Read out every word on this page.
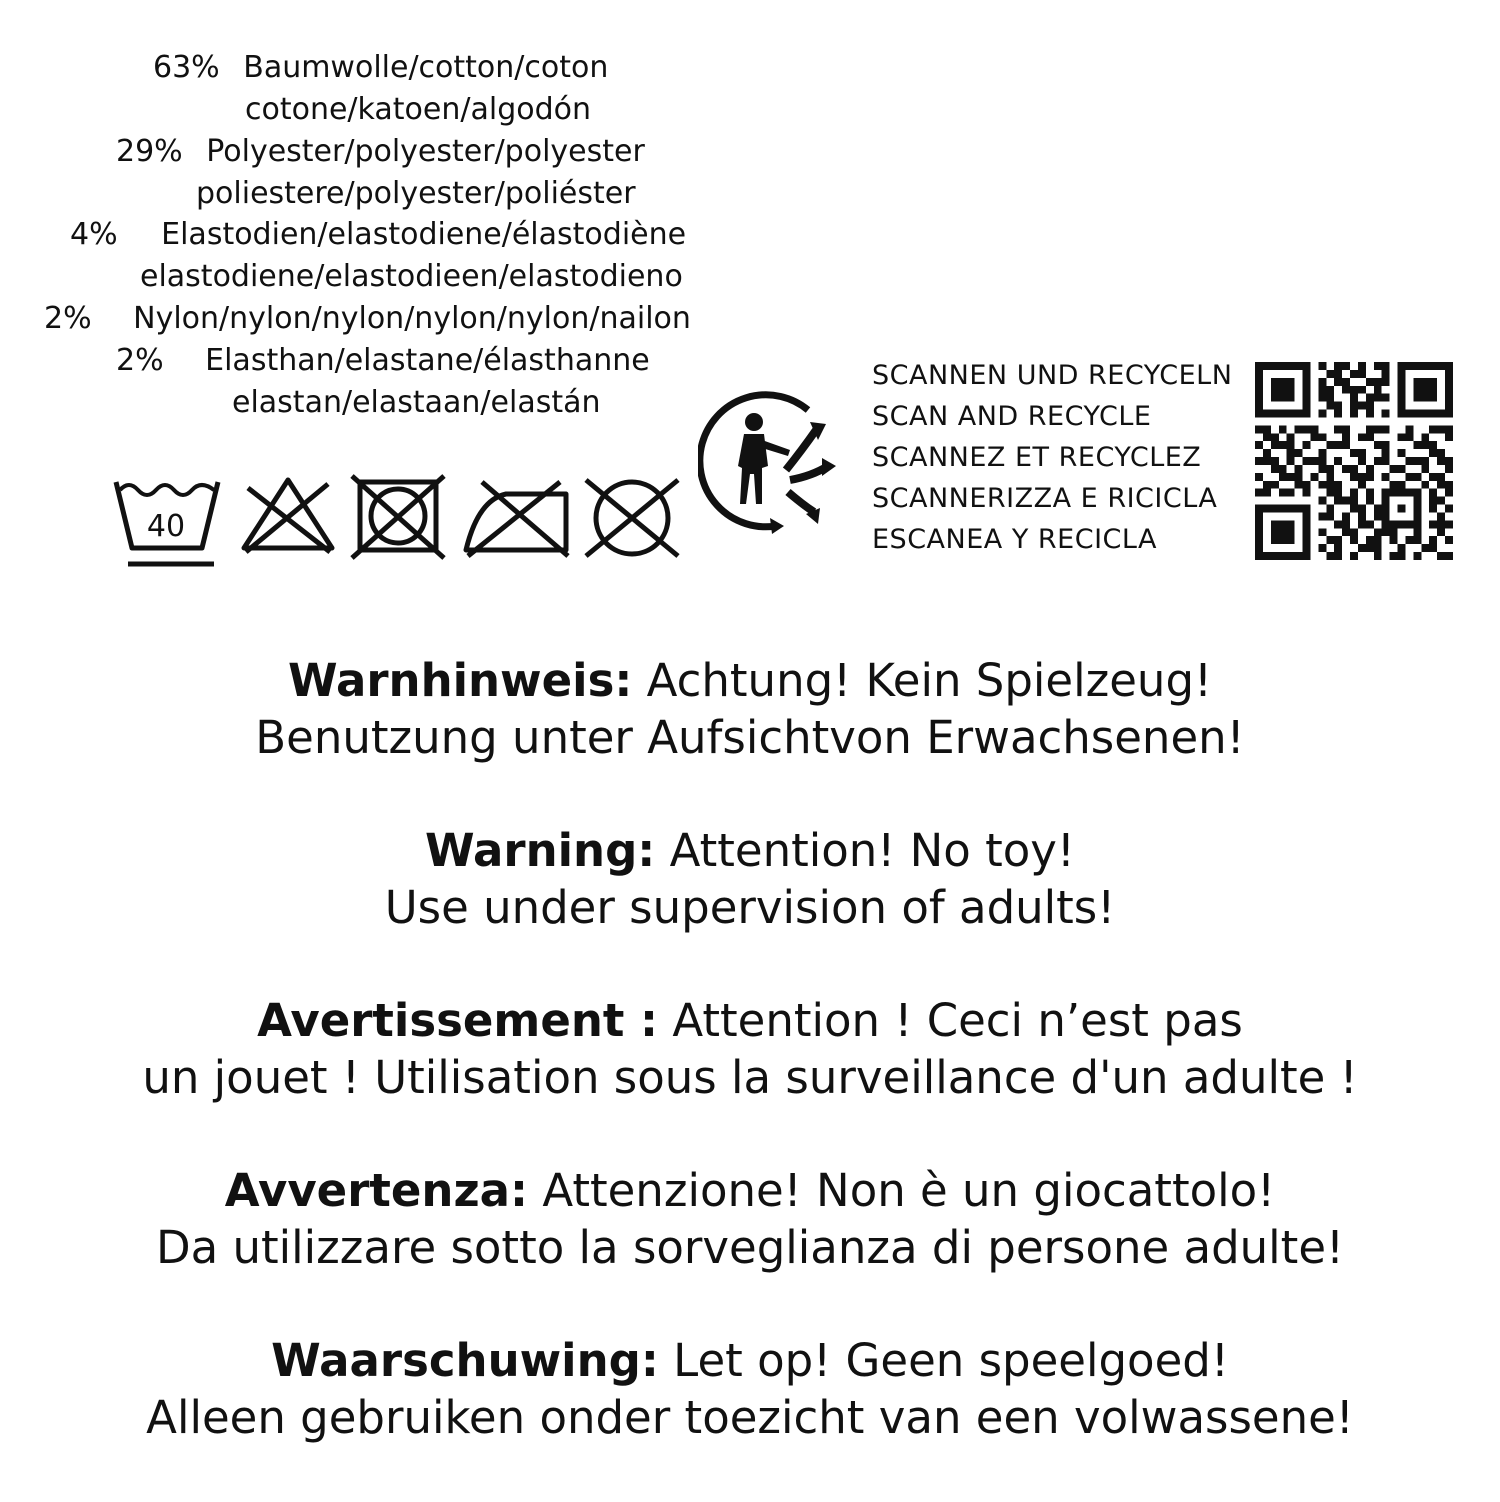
63% Baumwolle/cotton/coton
cotone/katoen/algodón
29% Polyester/polyester/polyester
poliestere/polyester/poliéster
4% Elastodien/elastodiene/élastodiène
elastodiene/elastodieen/elastodieno
2% Nylon/nylon/nylon/nylon/nylon/nailon
2% Elasthan/elastane/élasthanne
elastan/elastaan/elastán
40
SCANNEN UND RECYCELN
SCAN AND RECYCLE
SCANNEZ ET RECYCLEZ
SCANNERIZZA E RICICLA
ESCANEA Y RECICLA
Warnhinweis: Achtung! Kein Spielzeug!
Benutzung unter Aufsichtvon Erwachsenen!
Warning: Attention! No toy!
Use under supervision of adults!
Avertissement : Attention ! Ceci n’est pas
un jouet ! Utilisation sous la surveillance d'un adulte !
Avvertenza: Attenzione! Non è un giocattolo!
Da utilizzare sotto la sorveglianza di persone adulte!
Waarschuwing: Let op! Geen speelgoed!
Alleen gebruiken onder toezicht van een volwassene!
